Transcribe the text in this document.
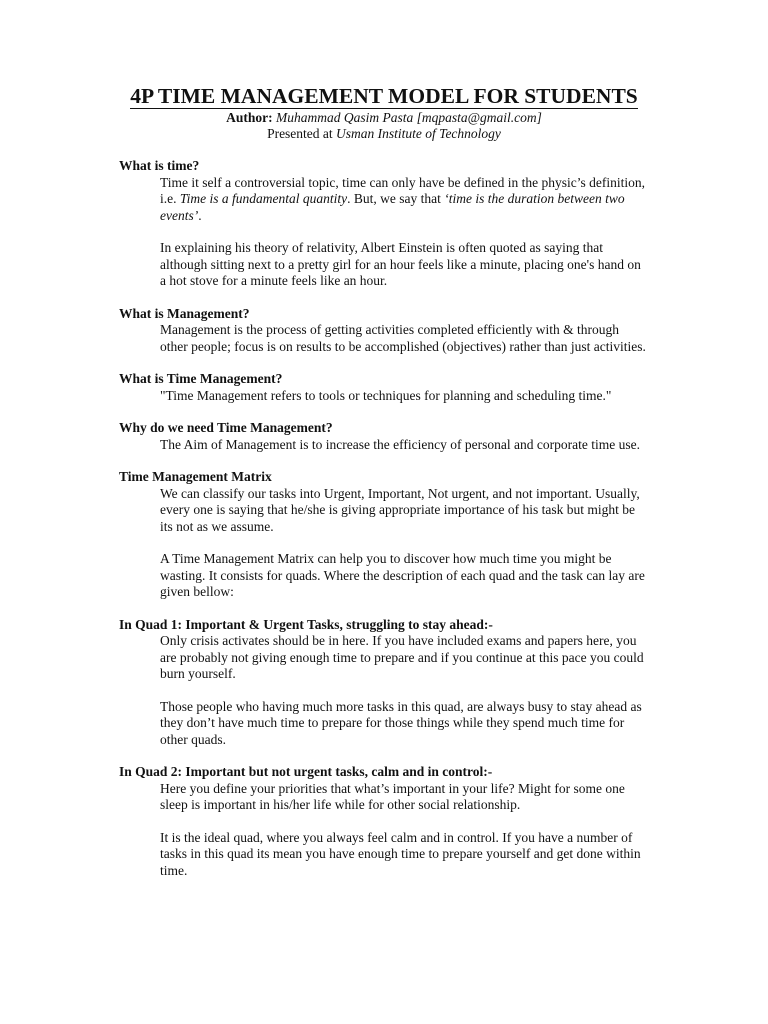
4P TIME MANAGEMENT MODEL FOR STUDENTS
Author: Muhammad Qasim Pasta [mqpasta@gmail.com]
Presented at Usman Institute of Technology

What is time?

Time it self a controversial topic, time can only have be defined in the physic’s definition, i.e. Time is a fundamental quantity. But, we say that ‘time is the duration between two events’.

In explaining his theory of relativity, Albert Einstein is often quoted as saying that although sitting next to a pretty girl for an hour feels like a minute, placing one's hand on a hot stove for a minute feels like an hour.

What is Management?

Management is the process of getting activities completed efficiently with & through other people; focus is on results to be accomplished (objectives) rather than just activities.

What is Time Management?

"Time Management refers to tools or techniques for planning and scheduling time."

Why do we need Time Management?

The Aim of Management is to increase the efficiency of personal and corporate time use.

Time Management Matrix

We can classify our tasks into Urgent, Important, Not urgent, and not important. Usually, every one is saying that he/she is giving appropriate importance of his task but might be its not as we assume.

A Time Management Matrix can help you to discover how much time you might be wasting. It consists for quads. Where the description of each quad and the task can lay are given bellow:

In Quad 1: Important & Urgent Tasks, struggling to stay ahead:-

Only crisis activates should be in here. If you have included exams and papers here, you are probably not giving enough time to prepare and if you continue at this pace you could burn yourself.

Those people who having much more tasks in this quad, are always busy to stay ahead as they don’t have much time to prepare for those things while they spend much time for other quads.

In Quad 2: Important but not urgent tasks, calm and in control:-

Here you define your priorities that what’s important in your life? Might for some one sleep is important in his/her life while for other social relationship.

It is the ideal quad, where you always feel calm and in control. If you have a number of tasks in this quad its mean you have enough time to prepare yourself and get done within time.
